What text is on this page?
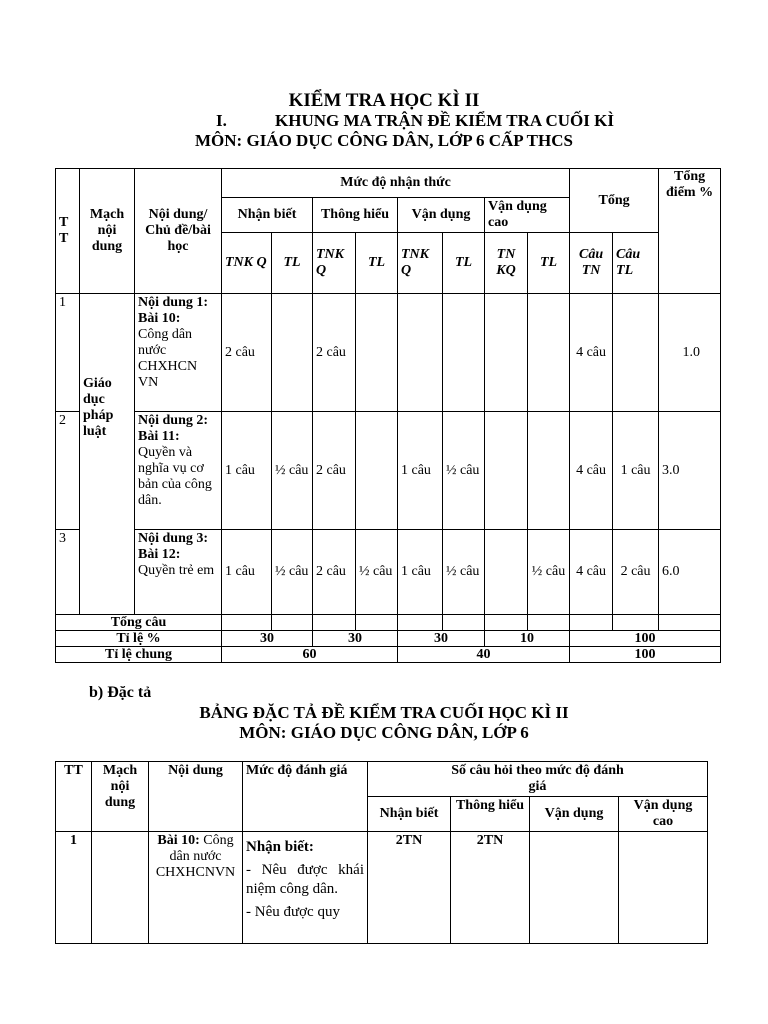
KIỂM TRA HỌC KÌ II
I.	KHUNG MA TRẬN ĐỀ KIỂM TRA CUỐI KÌ
MÔN: GIÁO DỤC CÔNG DÂN, LỚP 6 CẤP THCS
T T	Mạch nội dung	Nội dung/ Chủ đề/bài học	Mức độ nhận thức								Tổng		Tổng điểm %
			Nhận biết		Thông hiểu		Vận dụng		Vận dụng cao				
			TNK Q	TL	TNK Q	TL	TNK Q	TL	TN KQ	TL	Câu TN	Câu TL	
1	Giáo dục pháp luật	Nội dung 1:
Bài 10:
Công dân nước CHXHCN VN	2 câu		2 câu						4 câu		1.0
2		Nội dung 2:
Bài 11:
Quyền và nghĩa vụ cơ bản của công dân.	1 câu	½ câu	2 câu		1 câu	½ câu			4 câu	1 câu	3.0
3		Nội dung 3:
Bài 12:
Quyền trẻ em	1 câu	½ câu	2 câu	½ câu	1 câu	½ câu		½ câu	4 câu	2 câu	6.0
Tổng câu													
Tỉ lệ %			30		30		30		10		100		
Tỉ lệ chung			60				40				100		
b) Đặc tả
BẢNG ĐẶC TẢ ĐỀ KIỂM TRA CUỐI HỌC KÌ II
MÔN: GIÁO DỤC CÔNG DÂN, LỚP 6
TT	Mạch nội dung	Nội dung	Mức độ đánh giá	Số câu hỏi theo mức độ đánh giá			
				Nhận biết	Thông hiểu	Vận dụng	Vận dụng cao
1		Bài 10: Công dân nước CHXHCNVN	Nhận biết:

- Nêu được khái niệm công dân.

- Nêu được quy	2TN	2TN		
